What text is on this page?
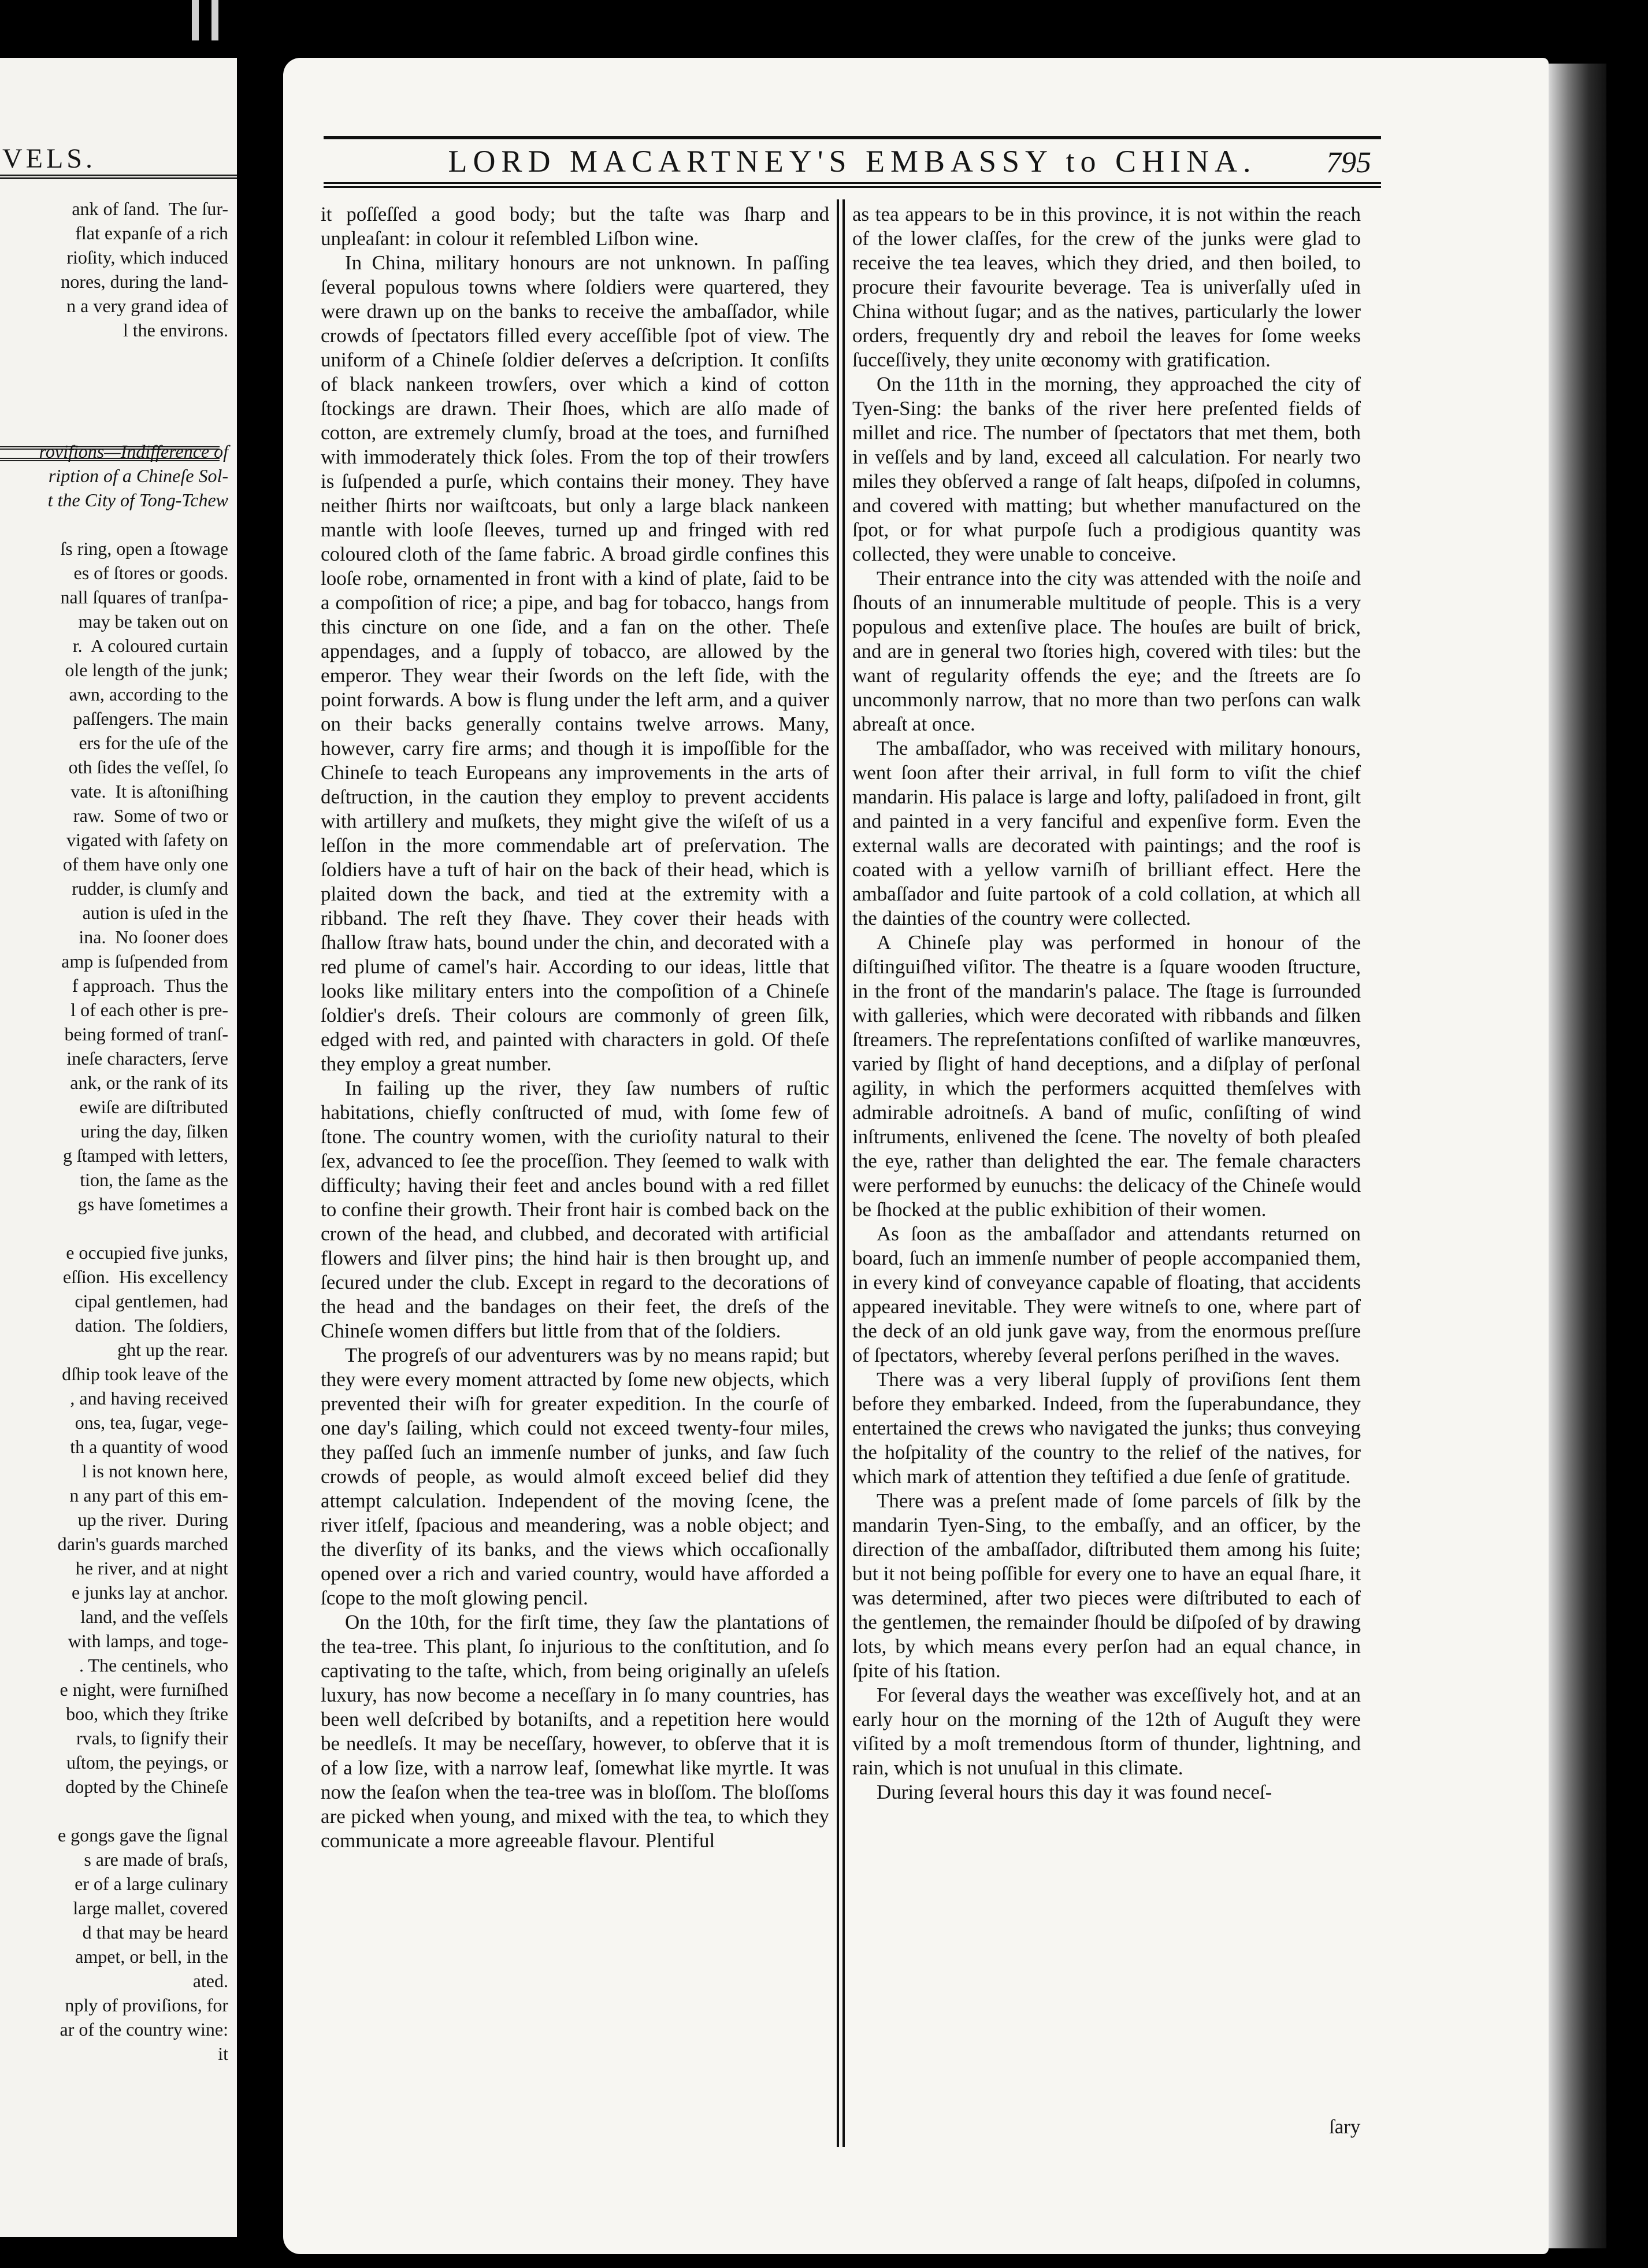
VELS.
ank of ſand.  The ſur-
flat expanſe of a rich
rioſity, which induced
nores, during the land-
n a very grand idea of
l the environs.

rovifions—Indifference of
ription of a Chineſe Sol-
t the City of Tong-Tchew

ſs ring, open a ſtowage
es of ſtores or goods.
nall ſquares of tranſpa-
may be taken out on
r.  A coloured curtain
ole length of the junk;
awn, according to the
paſſengers. The main
ers for the uſe of the
oth ſides the veſſel, ſo
vate.  It is aſtoniſhing
raw.  Some of two or
vigated with ſafety on
of them have only one
rudder, is clumſy and
aution is uſed in the
ina.  No ſooner does
amp is ſuſpended from
f approach.  Thus the
l of each other is pre-
being formed of tranſ-
ineſe characters, ſerve
ank, or the rank of its
ewiſe are diſtributed
uring the day, ſilken
g ſtamped with letters,
tion, the ſame as the
gs have ſometimes a

e occupied five junks,
eſſion.  His excellency
cipal gentlemen, had
dation.  The ſoldiers,
ght up the rear.
dſhip took leave of the
, and having received
ons, tea, ſugar, vege-
th a quantity of wood
l is not known here,
n any part of this em-
up the river.  During
darin's guards marched
he river, and at night
e junks lay at anchor.
land, and the veſſels
with lamps, and toge-
. The centinels, who
e night, were furniſhed
boo, which they ſtrike
rvals, to ſignify their
uſtom, the peyings, or
dopted by the Chineſe

e gongs gave the ſignal
s are made of braſs,
er of a large culinary
large mallet, covered
d that may be heard
ampet, or bell, in the
ated.
nply of proviſions, for
ar of the country wine:
it
LORD MACARTNEY'S EMBASSY to CHINA.	795

it poſſeſſed a good body; but the taſte was ſharp and unpleaſant: in colour it reſembled Liſbon wine.

In China, military honours are not unknown. In paſſing ſeveral populous towns where ſoldiers were quartered, they were drawn up on the banks to receive the ambaſſador, while crowds of ſpectators filled every acceſſible ſpot of view. The uniform of a Chineſe ſoldier deſerves a deſcription. It conſiſts of black nankeen trowſers, over which a kind of cotton ſtockings are drawn. Their ſhoes, which are alſo made of cotton, are extremely clumſy, broad at the toes, and furniſhed with immoderately thick ſoles. From the top of their trowſers is ſuſpended a purſe, which contains their money. They have neither ſhirts nor waiſtcoats, but only a large black nankeen mantle with looſe ſleeves, turned up and fringed with red coloured cloth of the ſame fabric. A broad girdle confines this looſe robe, ornamented in front with a kind of plate, ſaid to be a compoſition of rice; a pipe, and bag for tobacco, hangs from this cincture on one ſide, and a fan on the other. Theſe appendages, and a ſupply of tobacco, are allowed by the emperor. They wear their ſwords on the left ſide, with the point forwards. A bow is flung under the left arm, and a quiver on their backs generally contains twelve arrows. Many, however, carry fire arms; and though it is impoſſible for the Chineſe to teach Europeans any improvements in the arts of deſtruction, in the caution they employ to prevent accidents with artillery and muſkets, they might give the wiſeſt of us a leſſon in the more commendable art of preſervation. The ſoldiers have a tuft of hair on the back of their head, which is plaited down the back, and tied at the extremity with a ribband. The reſt they ſhave. They cover their heads with ſhallow ſtraw hats, bound under the chin, and decorated with a red plume of camel's hair. According to our ideas, little that looks like military enters into the compoſition of a Chineſe ſoldier's dreſs. Their colours are commonly of green ſilk, edged with red, and painted with characters in gold. Of theſe they employ a great number.

In failing up the river, they ſaw numbers of ruſtic habitations, chiefly conſtructed of mud, with ſome few of ſtone. The country women, with the curioſity natural to their ſex, advanced to ſee the proceſſion. They ſeemed to walk with difficulty; having their feet and ancles bound with a red fillet to confine their growth. Their front hair is combed back on the crown of the head, and clubbed, and decorated with artificial flowers and ſilver pins; the hind hair is then brought up, and ſecured under the club. Except in regard to the decorations of the head and the bandages on their feet, the dreſs of the Chineſe women differs but little from that of the ſoldiers.

The progreſs of our adventurers was by no means rapid; but they were every moment attracted by ſome new objects, which prevented their wiſh for greater expedition. In the courſe of one day's ſailing, which could not exceed twenty-four miles, they paſſed ſuch an immenſe number of junks, and ſaw ſuch crowds of people, as would almoſt exceed belief did they attempt calculation. Independent of the moving ſcene, the river itſelf, ſpacious and meandering, was a noble object; and the diverſity of its banks, and the views which occaſionally opened over a rich and varied country, would have afforded a ſcope to the moſt glowing pencil.

On the 10th, for the firſt time, they ſaw the plantations of the tea-tree. This plant, ſo injurious to the conſtitution, and ſo captivating to the taſte, which, from being originally an uſeleſs luxury, has now become a neceſſary in ſo many countries, has been well deſcribed by botaniſts, and a repetition here would be needleſs. It may be neceſſary, however, to obſerve that it is of a low ſize, with a narrow leaf, ſomewhat like myrtle. It was now the ſeaſon when the tea-tree was in bloſſom. The bloſſoms are picked when young, and mixed with the tea, to which they communicate a more agreeable flavour. Plentiful

as tea appears to be in this province, it is not within the reach of the lower claſſes, for the crew of the junks were glad to receive the tea leaves, which they dried, and then boiled, to procure their favourite beverage. Tea is univerſally uſed in China without ſugar; and as the natives, particularly the lower orders, frequently dry and reboil the leaves for ſome weeks ſucceſſively, they unite œconomy with gratification.

On the 11th in the morning, they approached the city of Tyen-Sing: the banks of the river here preſented fields of millet and rice. The number of ſpectators that met them, both in veſſels and by land, exceed all calculation. For nearly two miles they obſerved a range of ſalt heaps, diſpoſed in columns, and covered with matting; but whether manufactured on the ſpot, or for what purpoſe ſuch a prodigious quantity was collected, they were unable to conceive.

Their entrance into the city was attended with the noiſe and ſhouts of an innumerable multitude of people. This is a very populous and extenſive place. The houſes are built of brick, and are in general two ſtories high, covered with tiles: but the want of regularity offends the eye; and the ſtreets are ſo uncommonly narrow, that no more than two perſons can walk abreaſt at once.

The ambaſſador, who was received with military honours, went ſoon after their arrival, in full form to viſit the chief mandarin. His palace is large and lofty, paliſadoed in front, gilt and painted in a very fanciful and expenſive form. Even the external walls are decorated with paintings; and the roof is coated with a yellow varniſh of brilliant effect. Here the ambaſſador and ſuite partook of a cold collation, at which all the dainties of the country were collected.

A Chineſe play was performed in honour of the diſtinguiſhed viſitor. The theatre is a ſquare wooden ſtructure, in the front of the mandarin's palace. The ſtage is ſurrounded with galleries, which were decorated with ribbands and ſilken ſtreamers. The repreſentations conſiſted of warlike manœuvres, varied by ſlight of hand deceptions, and a diſplay of perſonal agility, in which the performers acquitted themſelves with admirable adroitneſs. A band of muſic, conſiſting of wind inſtruments, enlivened the ſcene. The novelty of both pleaſed the eye, rather than delighted the ear. The female characters were performed by eunuchs: the delicacy of the Chineſe would be ſhocked at the public exhibition of their women.

As ſoon as the ambaſſador and attendants returned on board, ſuch an immenſe number of people accompanied them, in every kind of conveyance capable of floating, that accidents appeared inevitable. They were witneſs to one, where part of the deck of an old junk gave way, from the enormous preſſure of ſpectators, whereby ſeveral perſons periſhed in the waves.

There was a very liberal ſupply of proviſions ſent them before they embarked. Indeed, from the ſuperabundance, they entertained the crews who navigated the junks; thus conveying the hoſpitality of the country to the relief of the natives, for which mark of attention they teſtified a due ſenſe of gratitude.

There was a preſent made of ſome parcels of ſilk by the mandarin Tyen-Sing, to the embaſſy, and an officer, by the direction of the ambaſſador, diſtributed them among his ſuite; but it not being poſſible for every one to have an equal ſhare, it was determined, after two pieces were diſtributed to each of the gentlemen, the remainder ſhould be diſpoſed of by drawing lots, by which means every perſon had an equal chance, in ſpite of his ſtation.

For ſeveral days the weather was exceſſively hot, and at an early hour on the morning of the 12th of Auguſt they were viſited by a moſt tremendous ſtorm of thunder, lightning, and rain, which is not unuſual in this climate.

During ſeveral hours this day it was found neceſ-

ſary
